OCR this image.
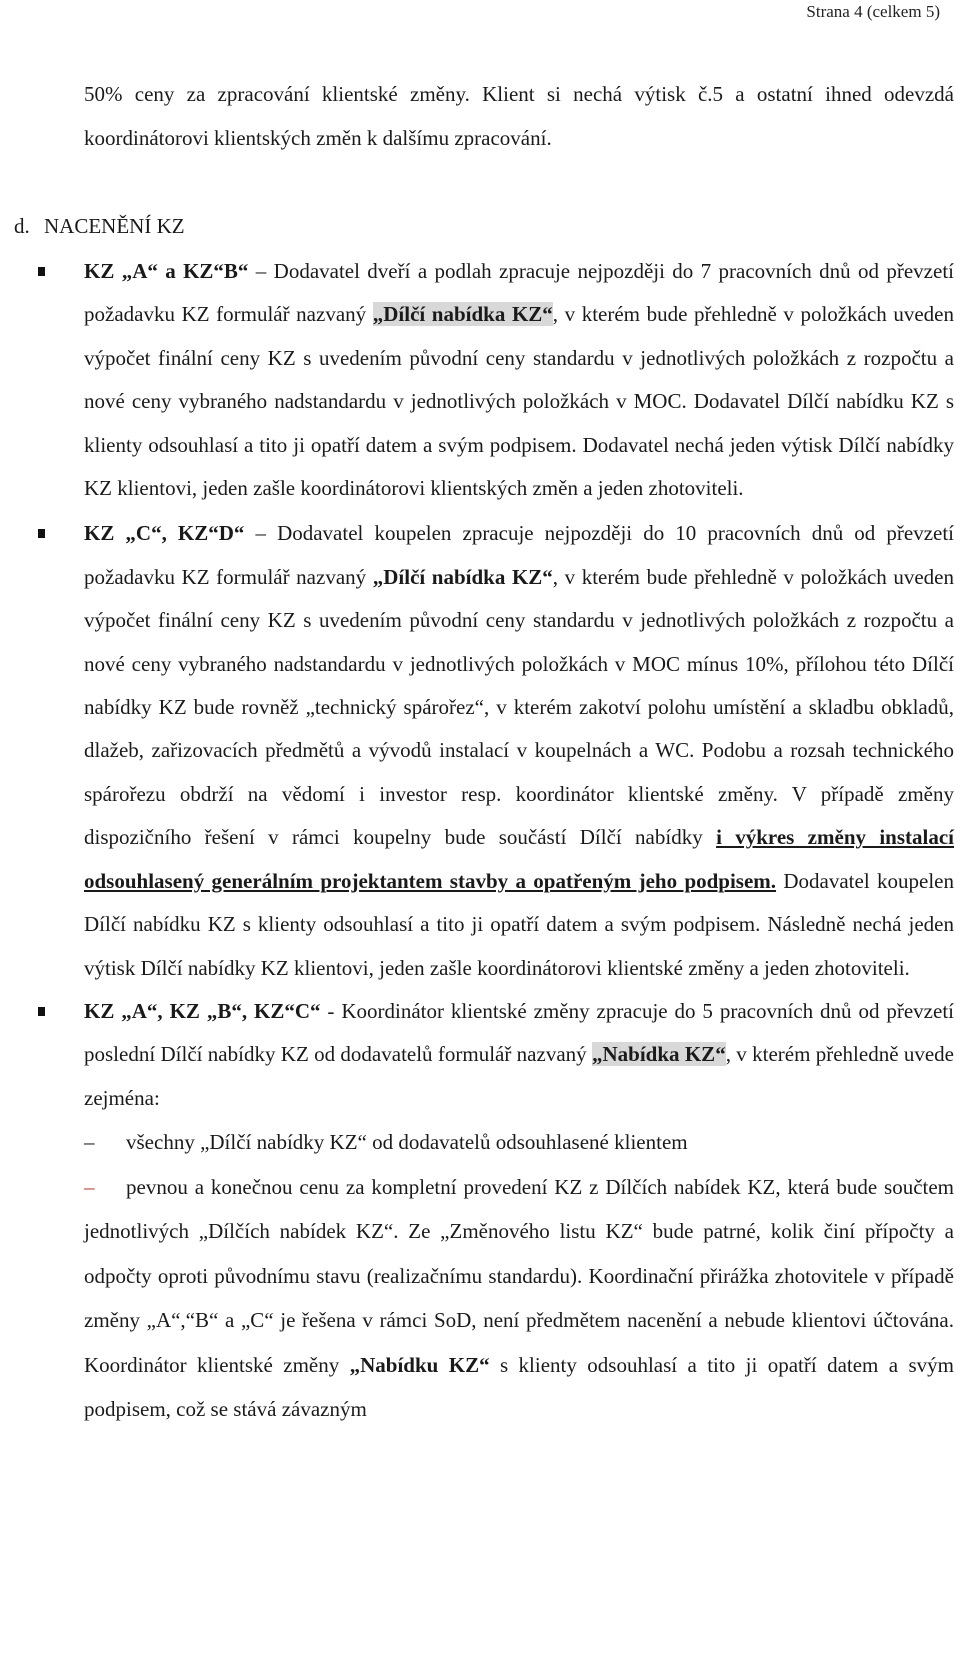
Strana 4 (celkem 5)
50% ceny za zpracování klientské změny. Klient si nechá výtisk č.5 a ostatní ihned odevzdá koordinátorovi klientských změn k dalšímu zpracování.
d. NACENĚNÍ KZ
KZ „A“ a KZ“B“ – Dodavatel dveří a podlah zpracuje nejpozději do 7 pracovních dnů od převzetí požadavku KZ formulář nazvaný „Dílčí nabídka KZ“, v kterém bude přehledně v položkách uveden výpočet finální ceny KZ s uvedením původní ceny standardu v jednotlivých položkách z rozpočtu a nové ceny vybraného nadstandardu v jednotlivých položkách v MOC. Dodavatel Dílčí nabídku KZ s klienty odsouhlasí a tito ji opatří datem a svým podpisem. Dodavatel nechá jeden výtisk Dílčí nabídky KZ klientovi, jeden zašle koordinátorovi klientských změn a jeden zhotoviteli.
KZ „C“, KZ“D“ – Dodavatel koupelen zpracuje nejpozději do 10 pracovních dnů od převzetí požadavku KZ formulář nazvaný „Dílčí nabídka KZ“, v kterém bude přehledně v položkách uveden výpočet finální ceny KZ s uvedením původní ceny standardu v jednotlivých položkách z rozpočtu a nové ceny vybraného nadstandardu v jednotlivých položkách v MOC mínus 10%, přílohou této Dílčí nabídky KZ bude rovněž „technický spárořez“, v kterém zakotví polohu umístění a skladbu obkladů, dlažeb, zařizovacích předmětů a vývodů instalací v koupelnách a WC. Podobu a rozsah technického spárořezu obdrží na vědomí i investor resp. koordinátor klientské změny. V případě změny dispozičního řešení v rámci koupelny bude součástí Dílčí nabídky i výkres změny instalací odsouhlasený generálním projektantem stavby a opatřeným jeho podpisem. Dodavatel koupelen Dílčí nabídku KZ s klienty odsouhlasí a tito ji opatří datem a svým podpisem. Následně nechá jeden výtisk Dílčí nabídky KZ klientovi, jeden zašle koordinátorovi klientské změny a jeden zhotoviteli.
KZ „A“, KZ „B“, KZ“C“ - Koordinátor klientské změny zpracuje do 5 pracovních dnů od převzetí poslední Dílčí nabídky KZ od dodavatelů formulář nazvaný „Nabídka KZ“, v kterém přehledně uvede zejména:
– všechny „Dílčí nabídky KZ“ od dodavatelů odsouhlasené klientem
– pevnou a konečnou cenu za kompletní provedení KZ z Dílčích nabídek KZ, která bude součtem jednotlivých „Dílčích nabídek KZ“. Ze „Změnového listu KZ“ bude patrné, kolik činí přípočty a odpočty oproti původnímu stavu (realizačnímu standardu). Koordinační přirážka zhotovitele v případě změny „A“,“B“ a „C“ je řešena v rámci SoD, není předmětem nacenění a nebude klientovi účtována. Koordinátor klientské změny „Nabídku KZ“ s klienty odsouhlasí a tito ji opatří datem a svým podpisem, což se stává závazným
